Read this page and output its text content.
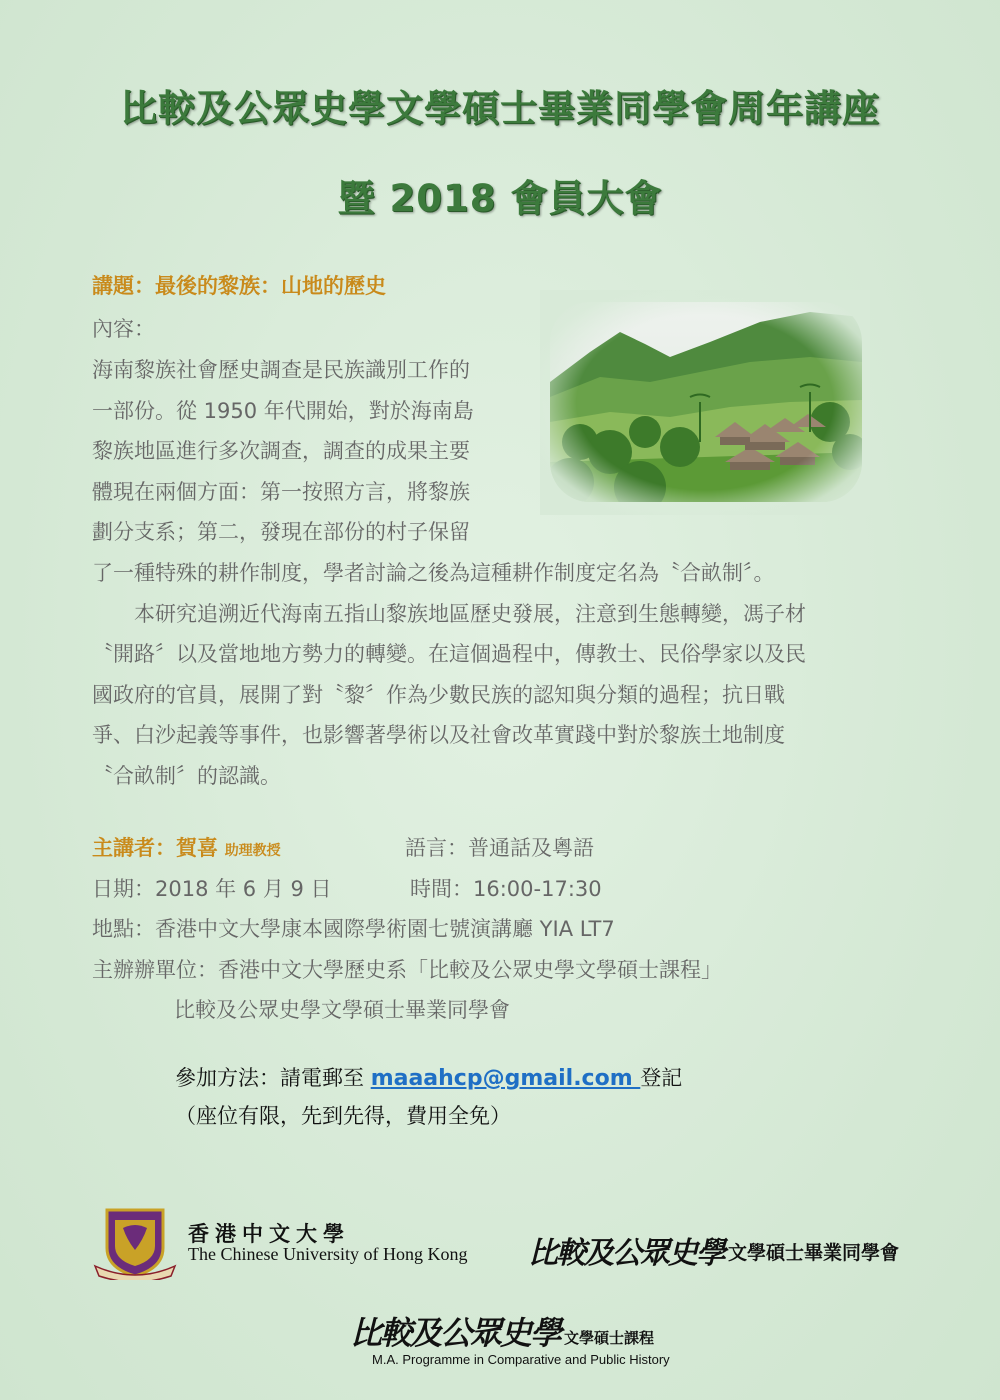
比較及公眾史學文學碩士畢業同學會周年講座
暨 2018 會員大會
講題：最後的黎族：山地的歷史
內容：
海南黎族社會歷史調查是民族識別工作的
一部份。從 1950 年代開始，對於海南島
黎族地區進行多次調查，調查的成果主要
體現在兩個方面：第一按照方言，將黎族
劃分支系；第二，發現在部份的村子保留
了一種特殊的耕作制度，學者討論之後為這種耕作制度定名為〝合畝制〞。
本研究追溯近代海南五指山黎族地區歷史發展，注意到生態轉變，馮子材
〝開路〞以及當地地方勢力的轉變。在這個過程中，傳教士、民俗學家以及民
國政府的官員，展開了對〝黎〞作為少數民族的認知與分類的過程；抗日戰
爭、白沙起義等事件，也影響著學術以及社會改革實踐中對於黎族土地制度
〝合畝制〞的認識。
主講者：賀喜 助理教授	語言：普通話及粵語
日期：2018 年 6 月 9 日	時間：16:00-17:30
地點：香港中文大學康本國際學術園七號演講廳 YIA LT7
主辦辦單位：香港中文大學歷史系「比較及公眾史學文學碩士課程」
比較及公眾史學文學碩士畢業同學會
參加方法：請電郵至 maaahcp@gmail.com 登記
（座位有限，先到先得，費用全免）
香港中文大學
The Chinese University of Hong Kong 比較及公眾史學 文學碩士畢業同學會
比較及公眾史學 文學碩士課程
M.A. Programme in Comparative and Public History
